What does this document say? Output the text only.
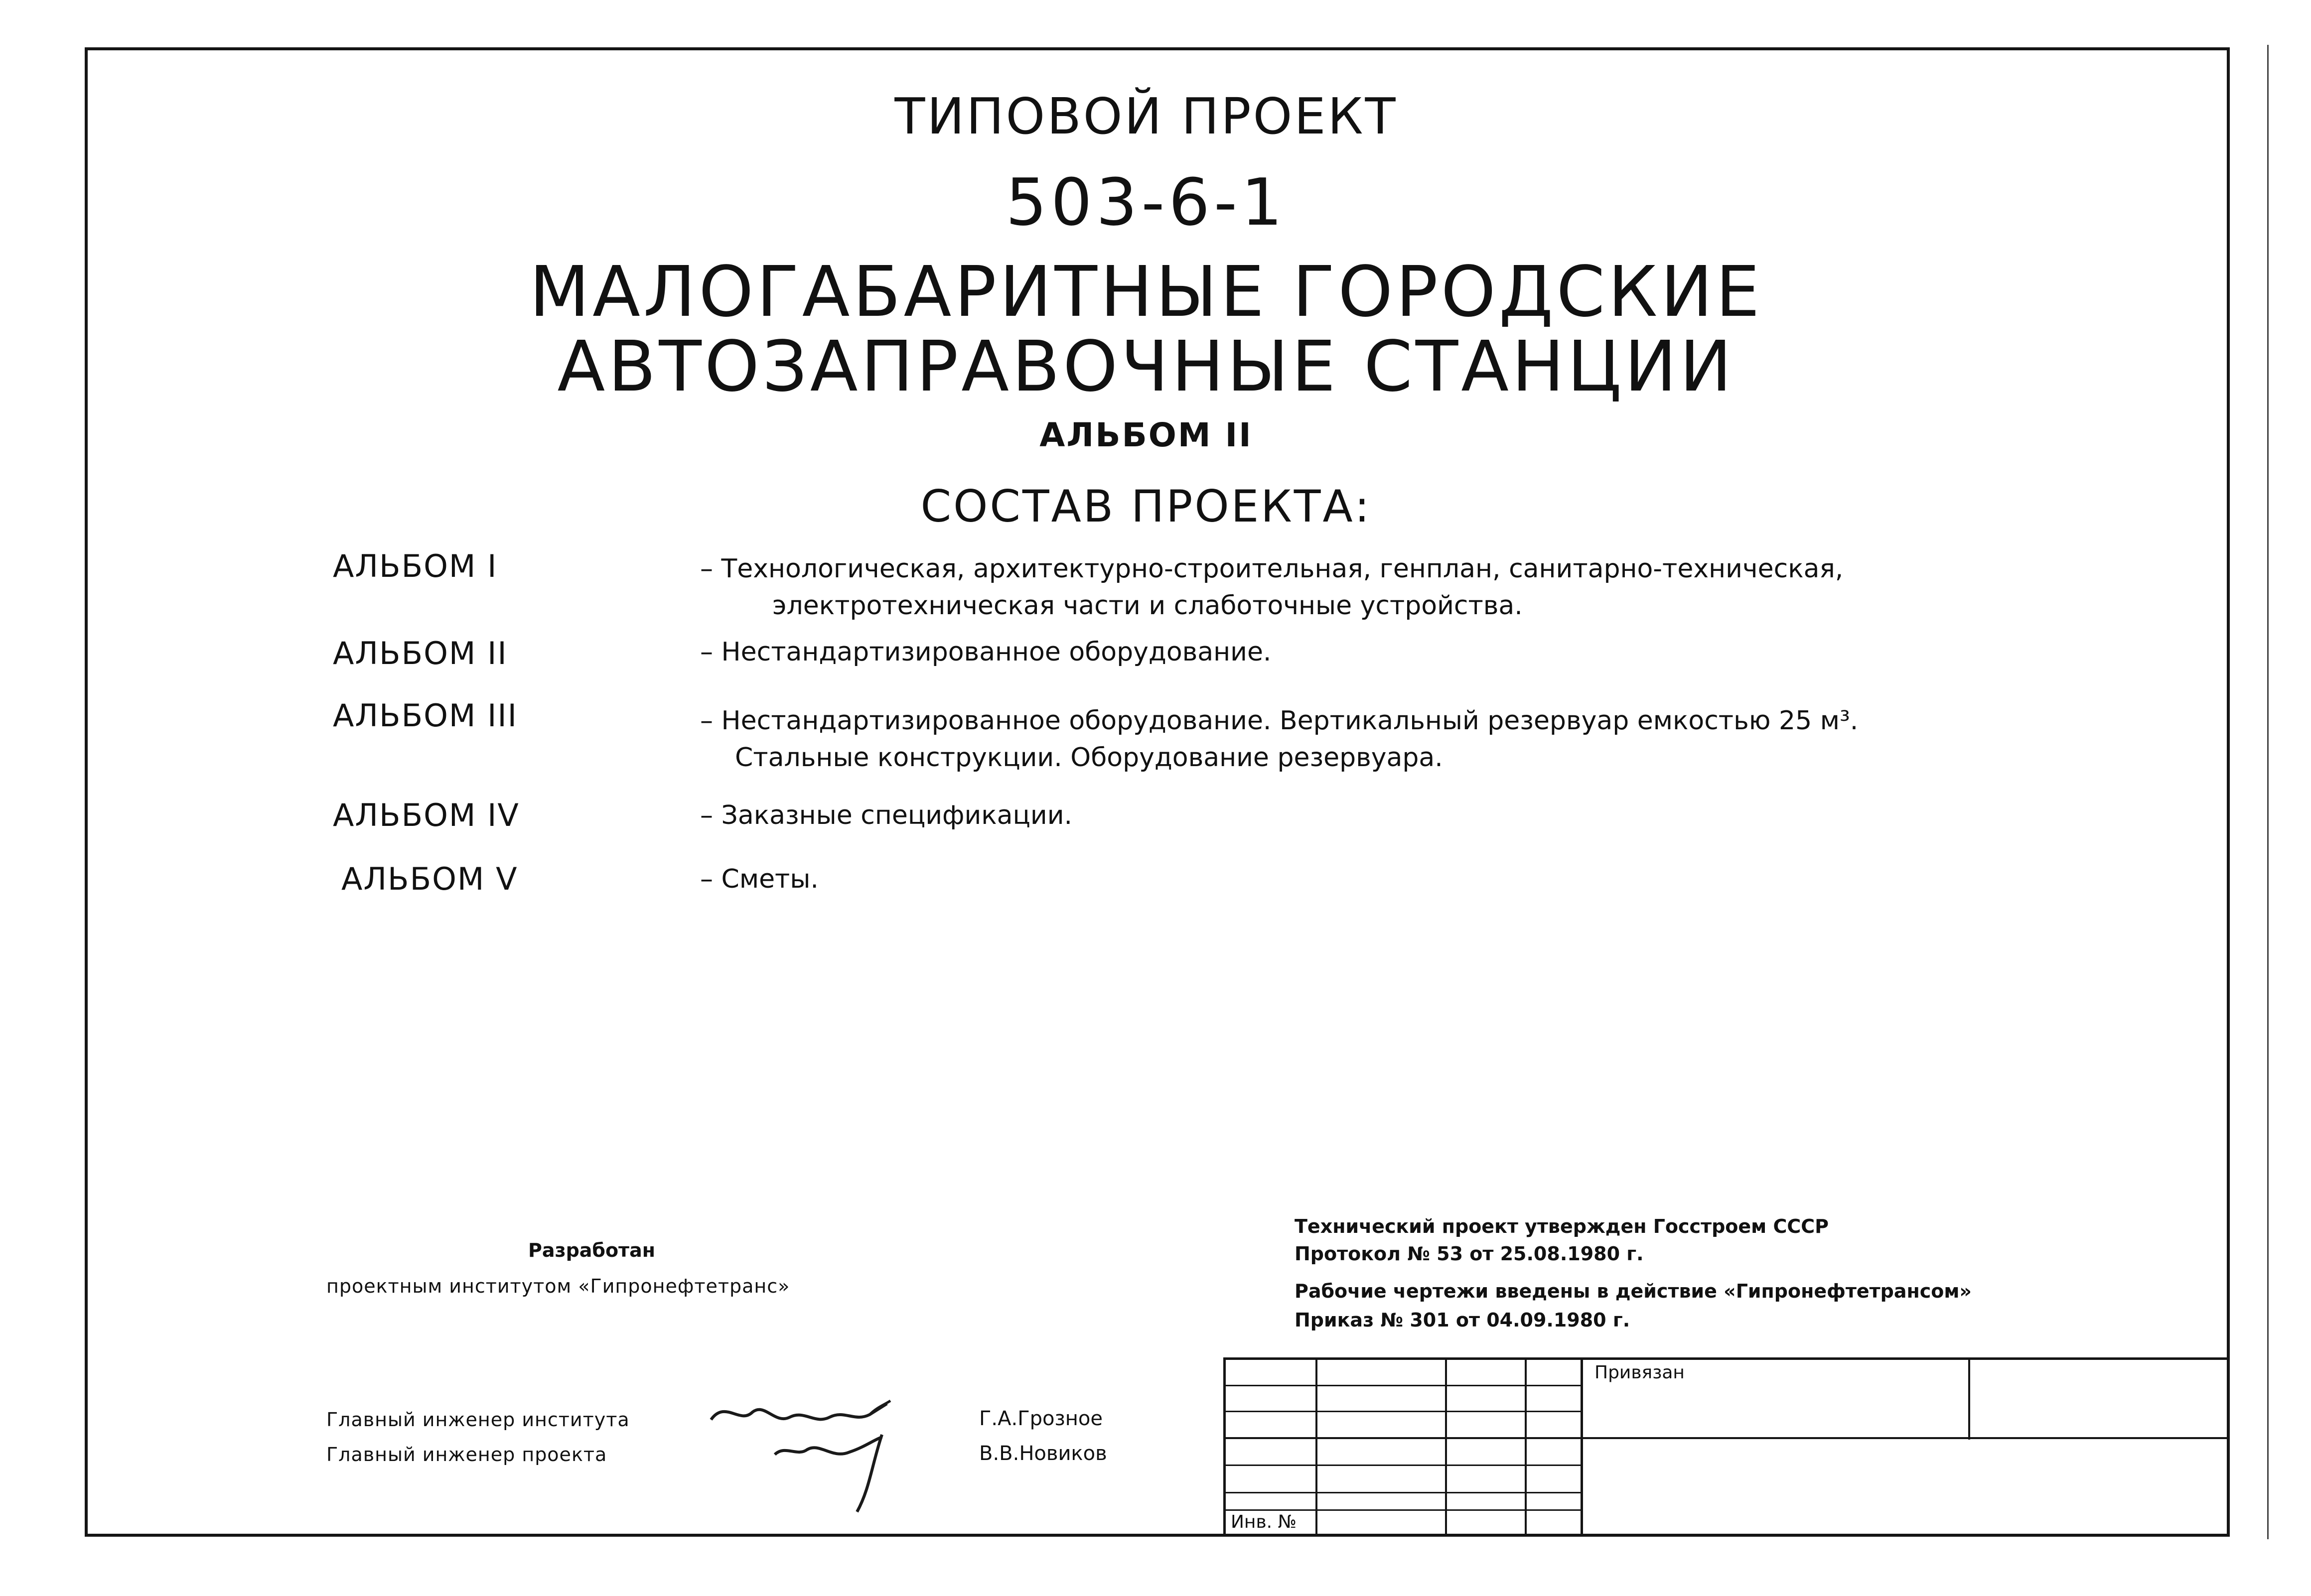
ТИПОВОЙ ПРОЕКТ
503-6-1
МАЛОГАБАРИТНЫЕ ГОРОДСКИЕ
АВТОЗАПРАВОЧНЫЕ СТАНЦИИ
АЛЬБОМ II
СОСТАВ ПРОЕКТА:
АЛЬБОМ I	– Технологическая, архитектурно-строительная, генплан, санитарно-техническая,
электротехническая части и слаботочные устройства.
АЛЬБОМ II	– Нестандартизированное оборудование.
АЛЬБОМ III	– Нестандартизированное оборудование. Вертикальный резервуар емкостью 25 м³.
Стальные конструкции. Оборудование резервуара.
АЛЬБОМ IV	– Заказные спецификации.
АЛЬБОМ V	– Сметы.
Разработан
проектным институтом «Гипронефтетранс»
Главный инженер института
Главный инженер проекта
Г.А.Грозное
В.В.Новиков
Технический проект утвержден Госстроем СССР
Протокол № 53 от 25.08.1980 г.
Рабочие чертежи введены в действие «Гипронефтетрансом»
Приказ № 301 от 04.09.1980 г.
Привязан
Инв. №
